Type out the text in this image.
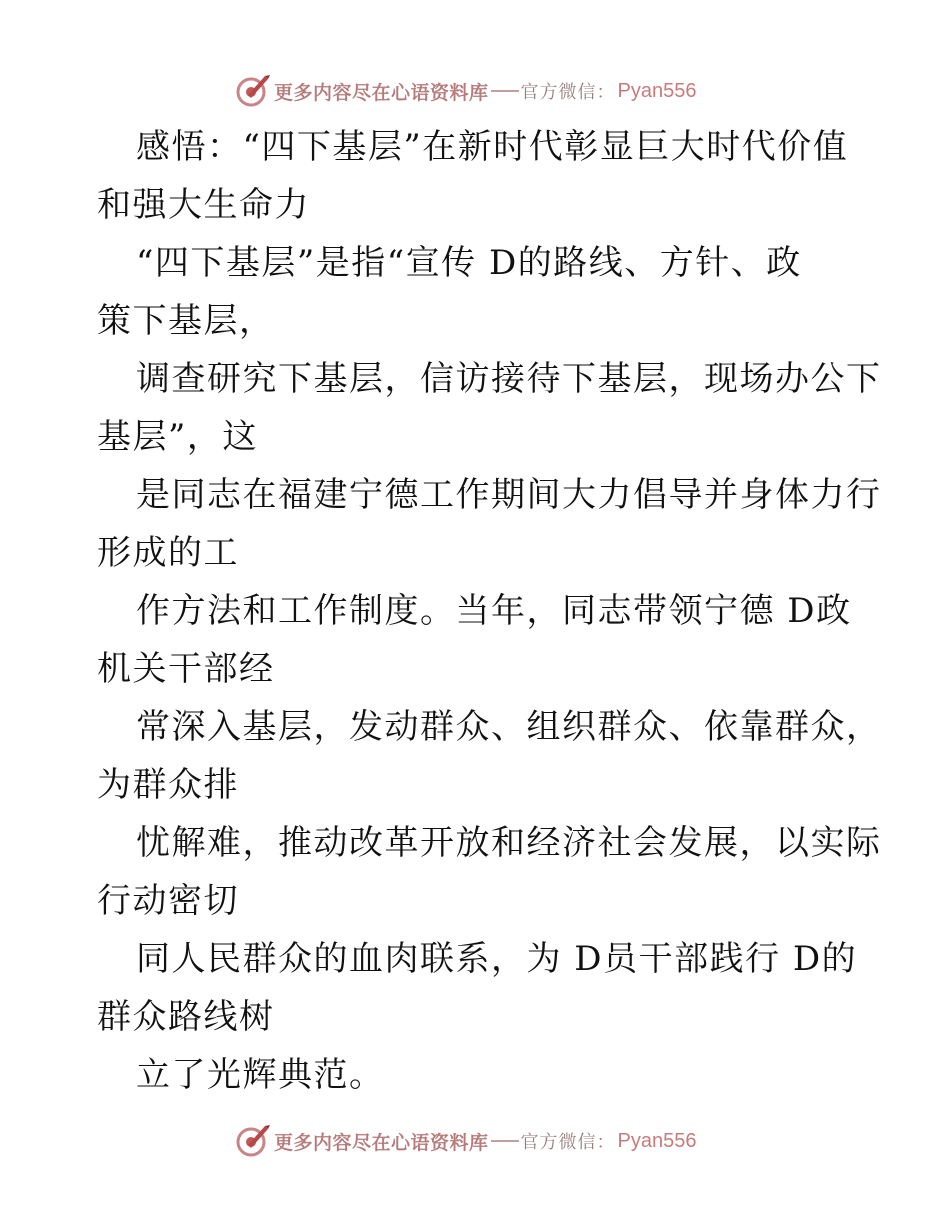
更多内容尽在心语资料库 官方微信： Pyan556
感悟：“四下基层”在新时代彰显巨大时代价值
和强大生命力
“四下基层”是指“宣传 D的路线、方针、政
策下基层，
调查研究下基层，信访接待下基层，现场办公下
基层”，这
是同志在福建宁德工作期间大力倡导并身体力行
形成的工
作方法和工作制度。当年，同志带领宁德 D政
机关干部经
常深入基层，发动群众、组织群众、依靠群众，
为群众排
忧解难，推动改革开放和经济社会发展，以实际
行动密切
同人民群众的血肉联系，为 D员干部践行 D的
群众路线树
立了光辉典范。
更多内容尽在心语资料库 官方微信： Pyan556
